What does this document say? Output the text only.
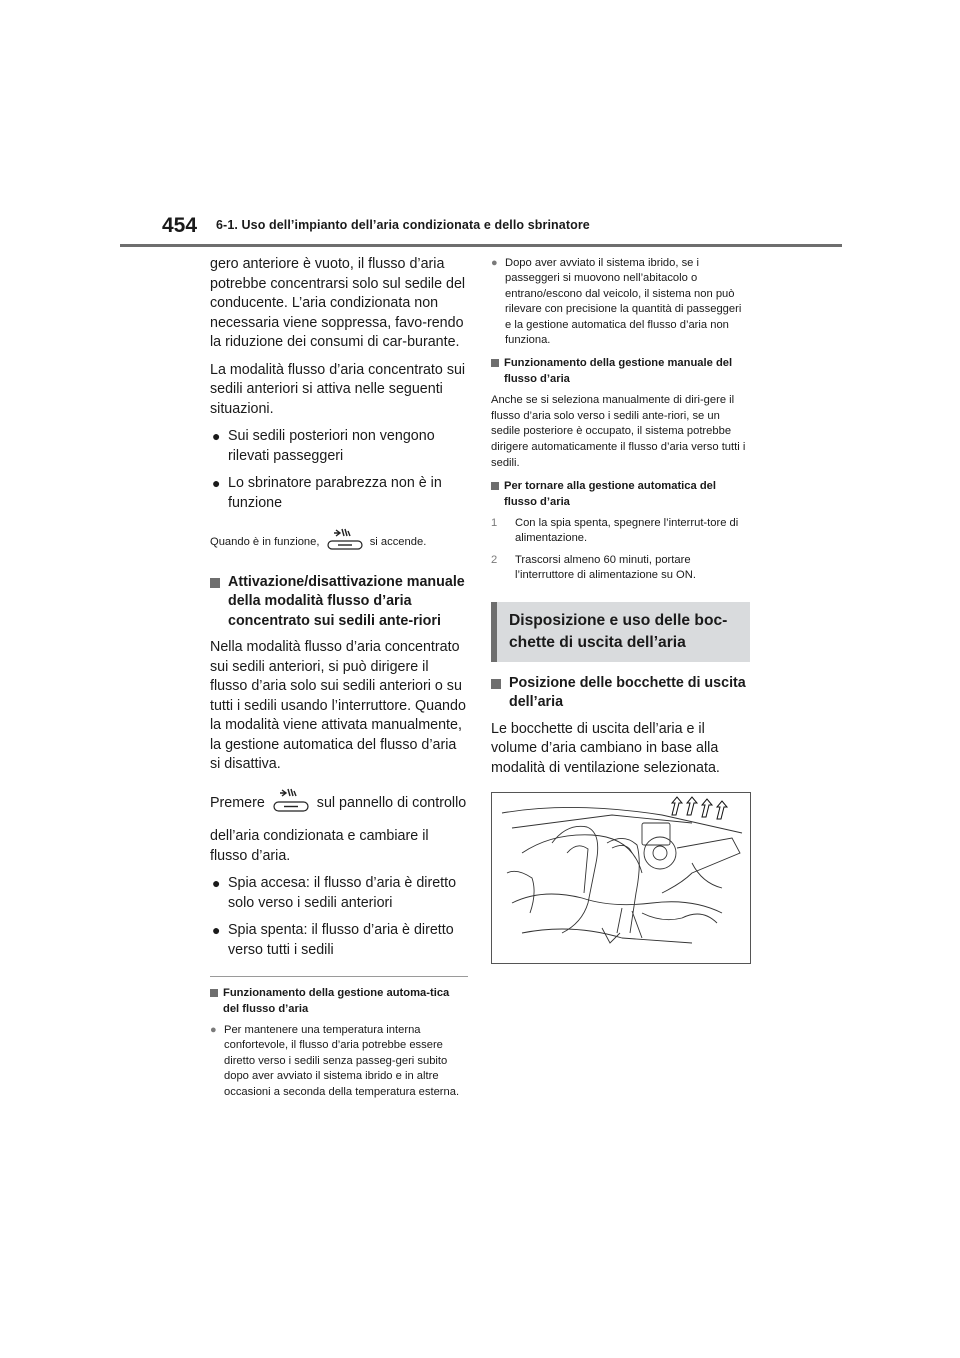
454 6-1. Uso dell’impianto dell’aria condizionata e dello sbrinatore

gero anteriore è vuoto, il flusso d’aria potrebbe concentrarsi solo sul sedile del conducente. L’aria condizionata non necessaria viene soppressa, favo-rendo la riduzione dei consumi di car-burante.

La modalità flusso d’aria concentrato sui sedili anteriori si attiva nelle seguenti situazioni.

● Sui sedili posteriori non vengono rilevati passeggeri
● Lo sbrinatore parabrezza non è in funzione

Quando è in funzione,	si accende.

Attivazione/disattivazione manuale della modalità flusso d’aria concentrato sui sedili ante-riori

Nella modalità flusso d’aria concentrato sui sedili anteriori, si può dirigere il flusso d’aria solo sui sedili anteriori o su tutti i sedili usando l’interruttore. Quando la modalità viene attivata manualmente, la gestione automatica del flusso d’aria si disattiva.

Premere	sul pannello di controllo

dell’aria condizionata e cambiare il flusso d’aria.

● Spia accesa: il flusso d’aria è diretto solo verso i sedili anteriori
● Spia spenta: il flusso d’aria è diretto verso tutti i sedili
Funzionamento della gestione automa-tica del flusso d’aria
● Per mantenere una temperatura interna confortevole, il flusso d’aria potrebbe essere diretto verso i sedili senza passeg-geri subito dopo aver avviato il sistema ibrido e in altre occasioni a seconda della temperatura esterna.
● Dopo aver avviato il sistema ibrido, se i passeggeri si muovono nell’abitacolo o entrano/escono dal veicolo, il sistema non può rilevare con precisione la quantità di passeggeri e la gestione automatica del flusso d’aria non funziona.
Funzionamento della gestione manuale del flusso d’aria

Anche se si seleziona manualmente di diri-gere il flusso d’aria solo verso i sedili ante-riori, se un sedile posteriore è occupato, il sistema potrebbe dirigere automaticamente il flusso d’aria verso tutti i sedili.

Per tornare alla gestione automatica del flusso d’aria
1 Con la spia spenta, spegnere l’interrut-tore di alimentazione.
2 Trascorsi almeno 60 minuti, portare l’interruttore di alimentazione su ON.
Disposizione e uso delle boc-chette di uscita dell’aria
Posizione delle bocchette di uscita dell’aria

Le bocchette di uscita dell’aria e il volume d’aria cambiano in base alla modalità di ventilazione selezionata.
